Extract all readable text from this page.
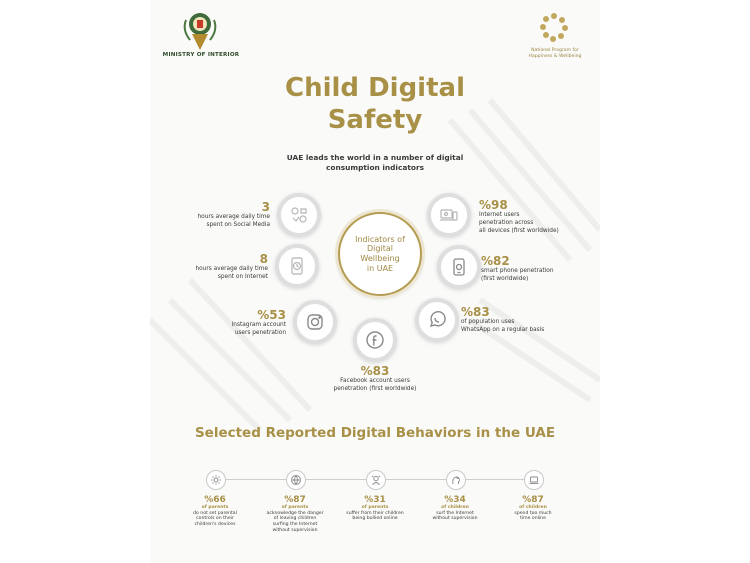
MINISTRY OF INTERIOR
National Program for
Happiness & Wellbeing
Child Digital
Safety
UAE leads the world in a number of digital
consumption indicators
Indicators of
Digital Wellbeing
in UAE
3
hours average daily time
spent on Social Media
8
hours average daily time
spent on Internet
%53
Instagram account
users penetration
%83
Facebook account users
penetration (first worldwide)
%98
Internet users
penetration across
all devices (first worldwide)
%82
smart phone penetration
(first worldwide)
%83
of population uses
WhatsApp on a regular basis
Selected Reported Digital Behaviors in the UAE
%66
of parents
do not set parental
controls on their
children's devices
%87
of parents
acknowledge the danger
of leaving children
surfing the Internet
without supervision
%31
of parents
suffer from their children
being bullied online
%34
of children
surf the Internet
without supervision
%87
of children
spend too much
time online
